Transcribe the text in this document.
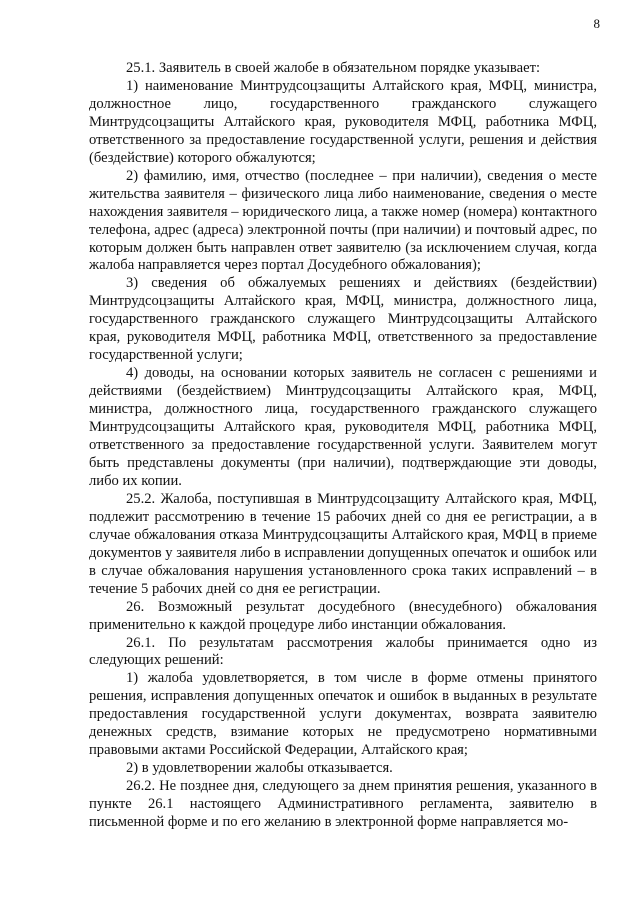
8

25.1. Заявитель в своей жалобе в обязательном порядке указывает:

1) наименование Минтрудсоцзащиты Алтайского края, МФЦ, министра, должностное лицо, государственного гражданского служащего Минтрудсоцзащиты Алтайского края, руководителя МФЦ, работника МФЦ, ответственного за предоставление государственной услуги, решения и действия (бездействие) которого обжалуются;

2) фамилию, имя, отчество (последнее – при наличии), сведения о месте жительства заявителя – физического лица либо наименование, сведения о месте нахождения заявителя – юридического лица, а также номер (номера) контактного телефона, адрес (адреса) электронной почты (при наличии) и почтовый адрес, по которым должен быть направлен ответ заявителю (за исключением случая, когда жалоба направляется через портал Досудебного обжалования);

3) сведения об обжалуемых решениях и действиях (бездействии) Минтрудсоцзащиты Алтайского края, МФЦ, министра, должностного лица, государственного гражданского служащего Минтрудсоцзащиты Алтайского края, руководителя МФЦ, работника МФЦ, ответственного за предоставление государственной услуги;

4) доводы, на основании которых заявитель не согласен с решениями и действиями (бездействием) Минтрудсоцзащиты Алтайского края, МФЦ, министра, должностного лица, государственного гражданского служащего Минтрудсоцзащиты Алтайского края, руководителя МФЦ, работника МФЦ, ответственного за предоставление государственной услуги. Заявителем могут быть представлены документы (при наличии), подтверждающие эти доводы, либо их копии.

25.2. Жалоба, поступившая в Минтрудсоцзащиту Алтайского края, МФЦ, подлежит рассмотрению в течение 15 рабочих дней со дня ее регистрации, а в случае обжалования отказа Минтрудсоцзащиты Алтайского края, МФЦ в приеме документов у заявителя либо в исправлении допущенных опечаток и ошибок или в случае обжалования нарушения установленного срока таких исправлений – в течение 5 рабочих дней со дня ее регистрации.

26. Возможный результат досудебного (внесудебного) обжалования применительно к каждой процедуре либо инстанции обжалования.

26.1. По результатам рассмотрения жалобы принимается одно из следующих решений:

1) жалоба удовлетворяется, в том числе в форме отмены принятого решения, исправления допущенных опечаток и ошибок в выданных в результате предоставления государственной услуги документах, возврата заявителю денежных средств, взимание которых не предусмотрено нормативными правовыми актами Российской Федерации, Алтайского края;

2) в удовлетворении жалобы отказывается.

26.2. Не позднее дня, следующего за днем принятия решения, указанного в пункте 26.1 настоящего Административного регламента, заявителю в письменной форме и по его желанию в электронной форме направляется мо-
